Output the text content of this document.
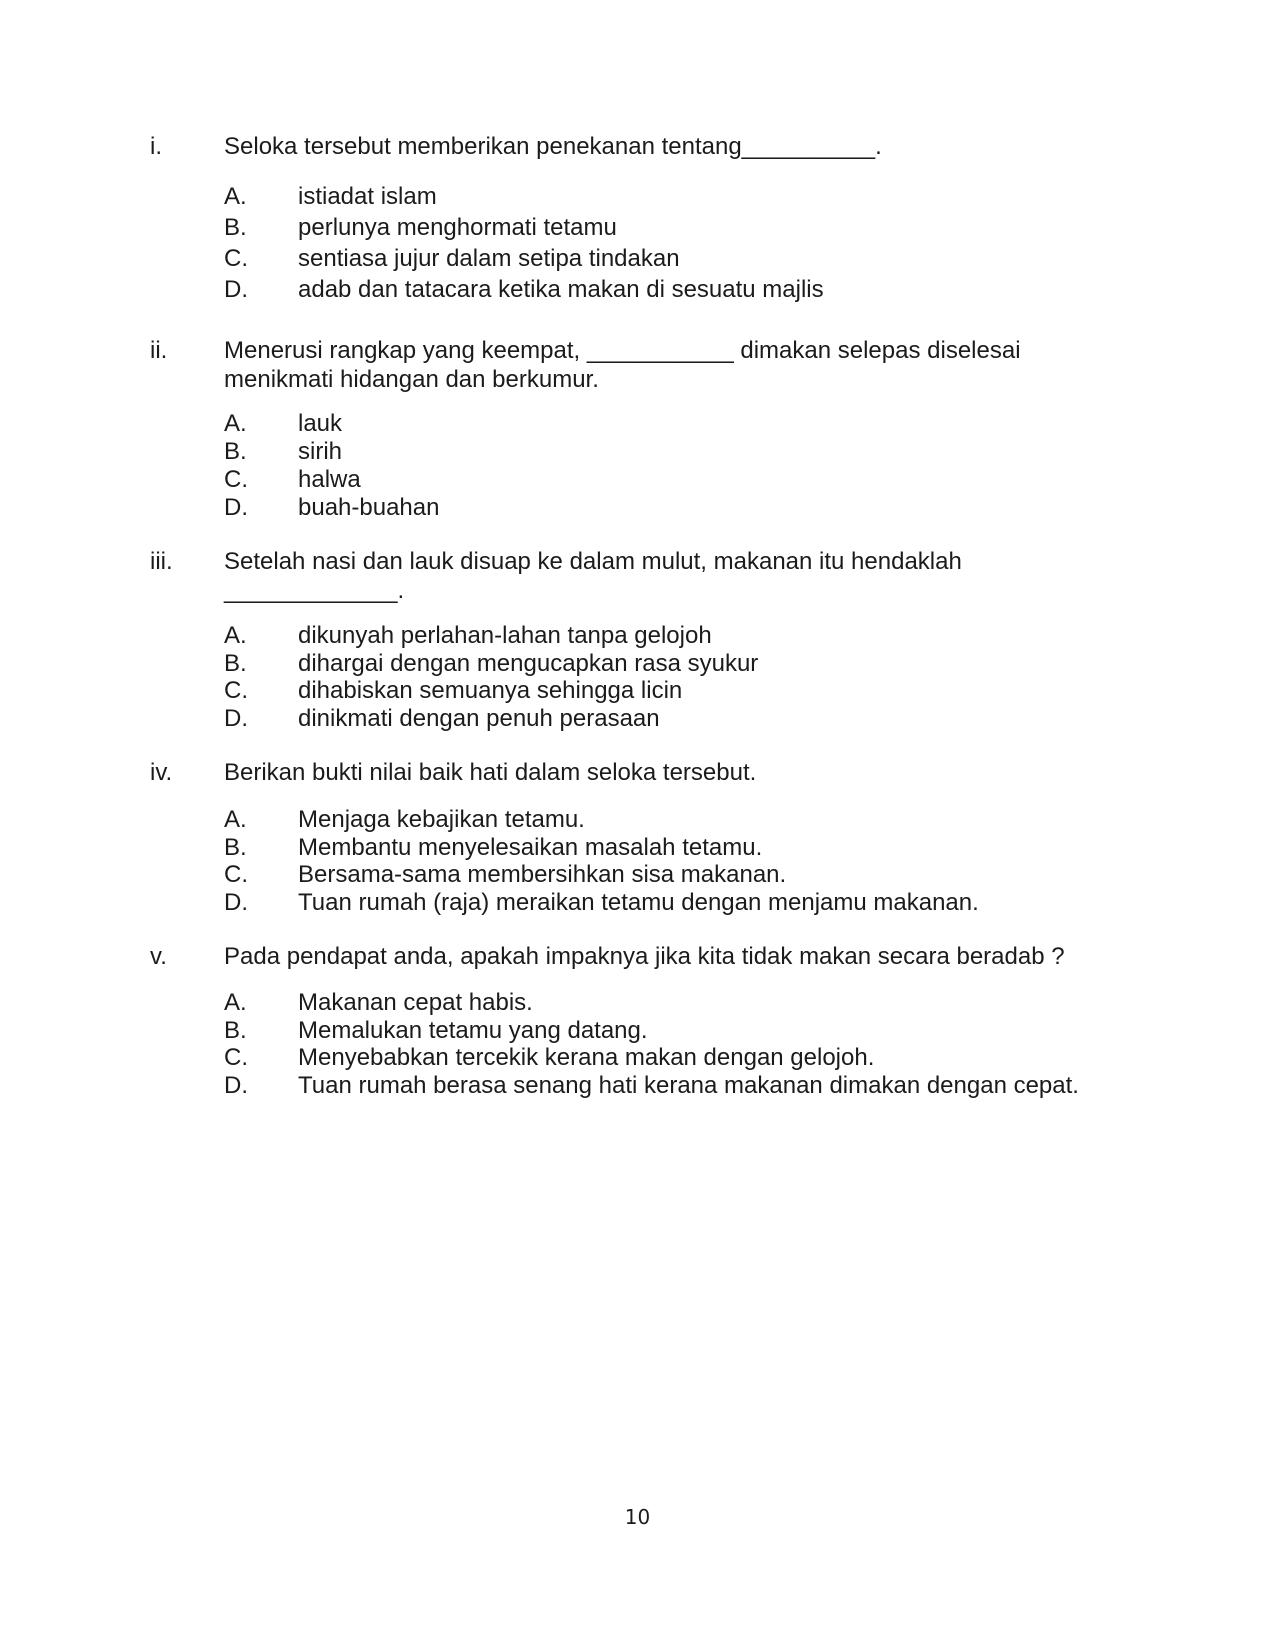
i.	Seloka tersebut memberikan penekanan tentang__________.
A. istiadat islam
B. perlunya menghormati tetamu
C. sentiasa jujur dalam setipa tindakan
D. adab dan tatacara ketika makan di sesuatu majlis
ii. Menerusi rangkap yang keempat, ___________ dimakan selepas diselesai
menikmati hidangan dan berkumur.
A. lauk
B. sirih
C. halwa
D. buah-buahan
iii. Setelah nasi dan lauk disuap ke dalam mulut, makanan itu hendaklah
_____________.
A. dikunyah perlahan-lahan tanpa gelojoh
B. dihargai dengan mengucapkan rasa syukur
C. dihabiskan semuanya sehingga licin
D. dinikmati dengan penuh perasaan
iv. Berikan bukti nilai baik hati dalam seloka tersebut.
A. Menjaga kebajikan tetamu.
B. Membantu menyelesaikan masalah tetamu.
C. Bersama-sama membersihkan sisa makanan.
D. Tuan rumah (raja) meraikan tetamu dengan menjamu makanan.
v. Pada pendapat anda, apakah impaknya jika kita tidak makan secara beradab ?
A. Makanan cepat habis.
B. Memalukan tetamu yang datang.
C. Menyebabkan tercekik kerana makan dengan gelojoh.
D. Tuan rumah berasa senang hati kerana makanan dimakan dengan cepat.
10
